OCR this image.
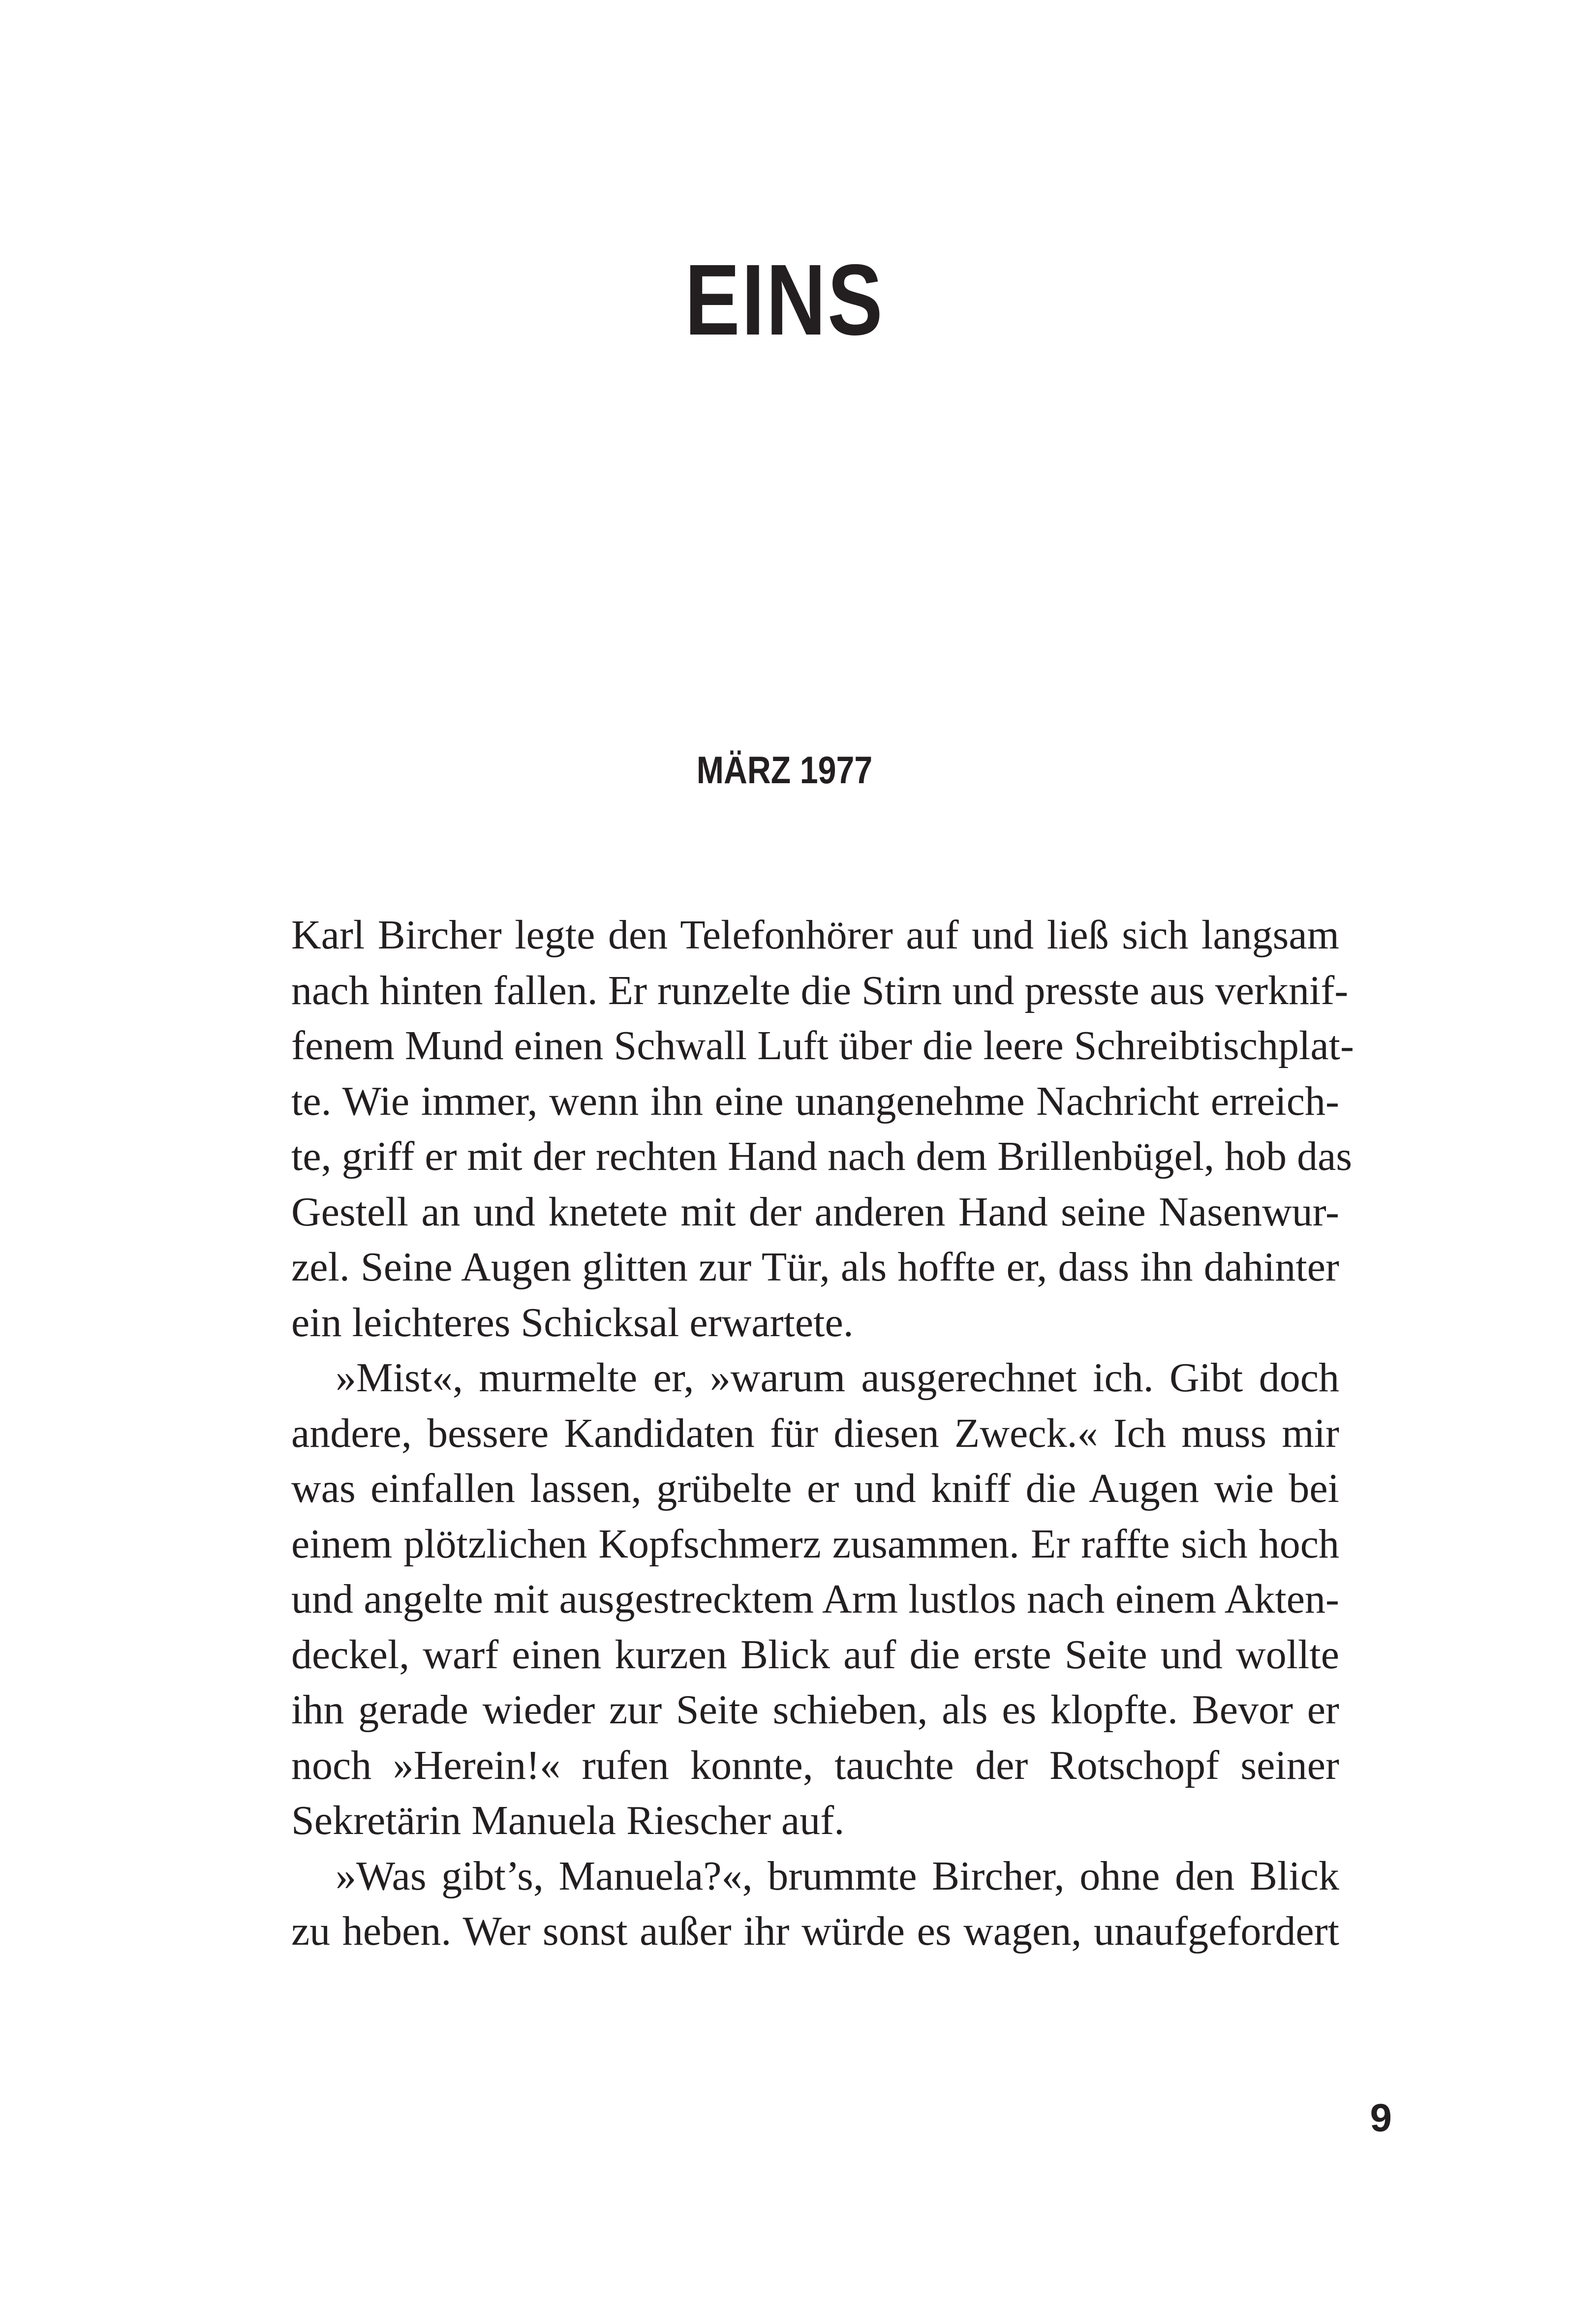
EINS
MÄRZ 1977

Karl Bircher legte den Telefonhörer auf und ließ sich langsam
nach hinten fallen. Er runzelte die Stirn und presste aus verknif-
fenem Mund einen Schwall Luft über die leere Schreibtischplat-
te. Wie immer, wenn ihn eine unangenehme Nachricht erreich-
te, griff er mit der rechten Hand nach dem Brillenbügel, hob das
Gestell an und knetete mit der anderen Hand seine Nasenwur-
zel. Seine Augen glitten zur Tür, als hoffte er, dass ihn dahinter
ein leichteres Schicksal erwartete.

»Mist«, murmelte er, »warum ausgerechnet ich. Gibt doch
andere, bessere Kandidaten für diesen Zweck.« Ich muss mir
was einfallen lassen, grübelte er und kniff die Augen wie bei
einem plötzlichen Kopfschmerz zusammen. Er raffte sich hoch
und angelte mit ausgestrecktem Arm lustlos nach einem Akten-
deckel, warf einen kurzen Blick auf die erste Seite und wollte
ihn gerade wieder zur Seite schieben, als es klopfte. Bevor er
noch »Herein!« rufen konnte, tauchte der Rotschopf seiner
Sekretärin Manuela Riescher auf.

»Was gibt’s, Manuela?«, brummte Bircher, ohne den Blick
zu heben. Wer sonst außer ihr würde es wagen, unaufgefordert

9
